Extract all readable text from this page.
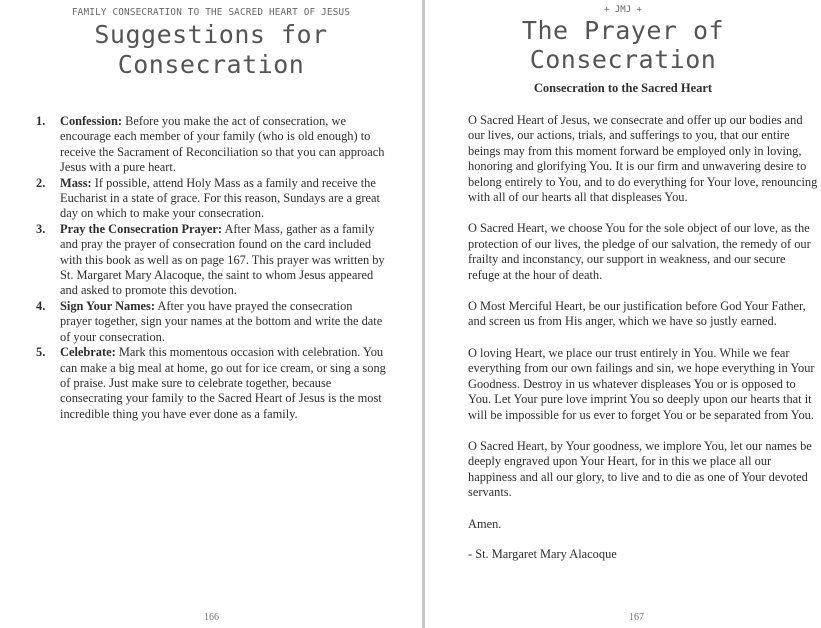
FAMILY CONSECRATION TO THE SACRED HEART OF JESUS
Suggestions for
Consecration
1. Confession: Before you make the act of consecration, we encourage each member of your family (who is old enough) to receive the Sacrament of Reconciliation so that you can approach Jesus with a pure heart.
2. Mass: If possible, attend Holy Mass as a family and receive the Eucharist in a state of grace. For this reason, Sundays are a great day on which to make your consecration.
3. Pray the Consecration Prayer: After Mass, gather as a family and pray the prayer of consecration found on the card included with this book as well as on page 167. This prayer was written by St. Margaret Mary Alacoque, the saint to whom Jesus appeared and asked to promote this devotion.
4. Sign Your Names: After you have prayed the consecration prayer together, sign your names at the bottom and write the date of your consecration.
5. Celebrate: Mark this momentous occasion with celebration. You can make a big meal at home, go out for ice cream, or sing a song of praise. Just make sure to celebrate together, because consecrating your family to the Sacred Heart of Jesus is the most incredible thing you have ever done as a family.
166
+ JMJ +
The Prayer of
Consecration
Consecration to the Sacred Heart

O Sacred Heart of Jesus, we consecrate and offer up our bodies and our lives, our actions, trials, and sufferings to you, that our entire beings may from this moment forward be employed only in loving, honoring and glorifying You. It is our firm and unwavering desire to belong entirely to You, and to do everything for Your love, renouncing with all of our hearts all that displeases You.

O Sacred Heart, we choose You for the sole object of our love, as the protection of our lives, the pledge of our salvation, the remedy of our frailty and inconstancy, our support in weakness, and our secure refuge at the hour of death.

O Most Merciful Heart, be our justification before God Your Father, and screen us from His anger, which we have so justly earned.

O loving Heart, we place our trust entirely in You. While we fear everything from our own failings and sin, we hope everything in Your Goodness. Destroy in us whatever displeases You or is opposed to You. Let Your pure love imprint You so deeply upon our hearts that it will be impossible for us ever to forget You or be separated from You.

O Sacred Heart, by Your goodness, we implore You, let our names be deeply engraved upon Your Heart, for in this we place all our happiness and all our glory, to live and to die as one of Your devoted servants.

Amen.

- St. Margaret Mary Alacoque

167
